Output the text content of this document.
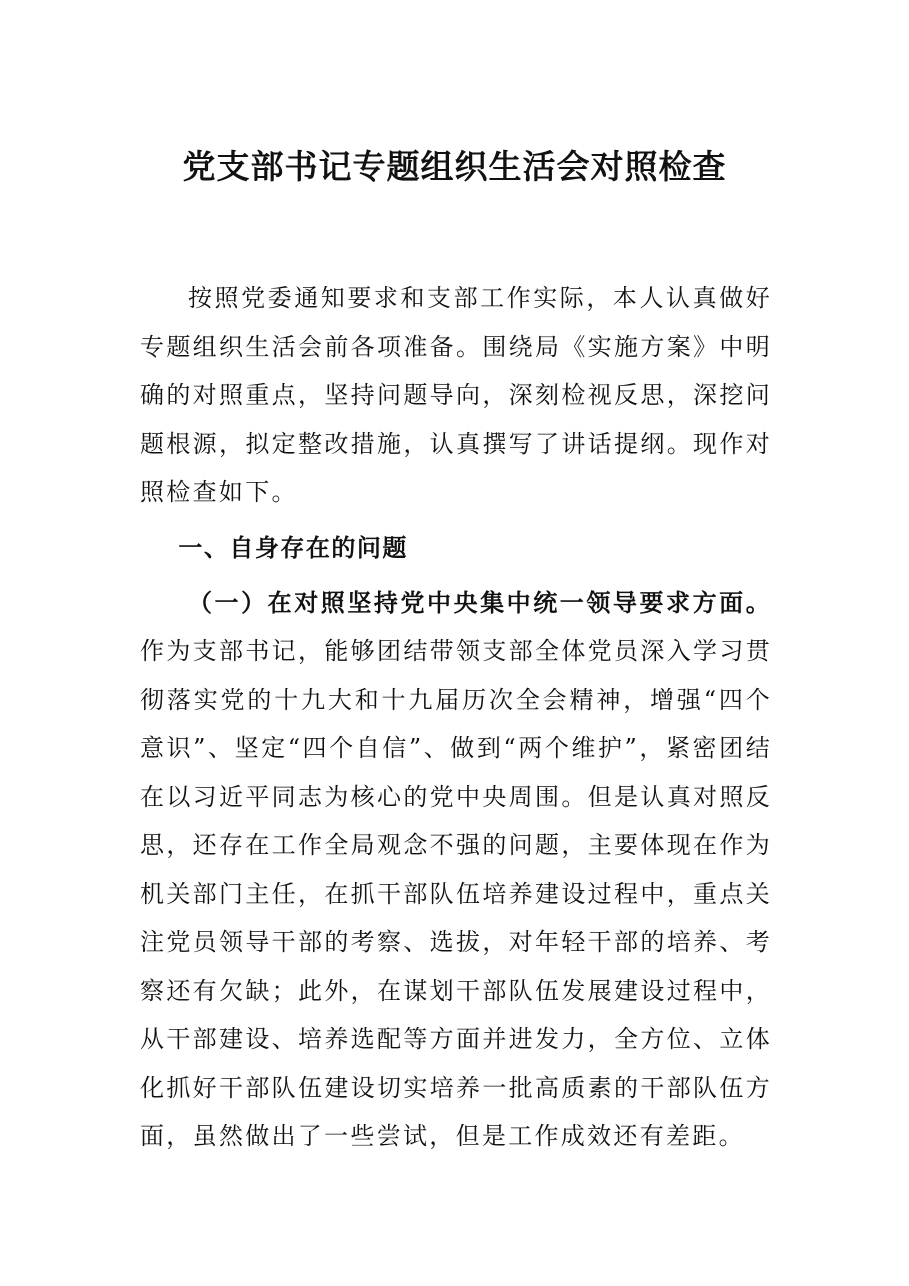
党支部书记专题组织生活会对照检查

按照党委通知要求和支部工作实际，本人认真做好专题组织生活会前各项准备。围绕局《实施方案》中明确的对照重点，坚持问题导向，深刻检视反思，深挖问题根源，拟定整改措施，认真撰写了讲话提纲。现作对照检查如下。

一、自身存在的问题

（一）在对照坚持党中央集中统一领导要求方面。作为支部书记，能够团结带领支部全体党员深入学习贯彻落实党的十九大和十九届历次全会精神，增强“四个意识”、坚定“四个自信”、做到“两个维护”，紧密团结在以习近平同志为核心的党中央周围。但是认真对照反思，还存在工作全局观念不强的问题，主要体现在作为机关部门主任，在抓干部队伍培养建设过程中，重点关注党员领导干部的考察、选拔，对年轻干部的培养、考察还有欠缺；此外，在谋划干部队伍发展建设过程中，从干部建设、培养选配等方面并进发力，全方位、立体化抓好干部队伍建设切实培养一批高质素的干部队伍方面，虽然做出了一些尝试，但是工作成效还有差距。
